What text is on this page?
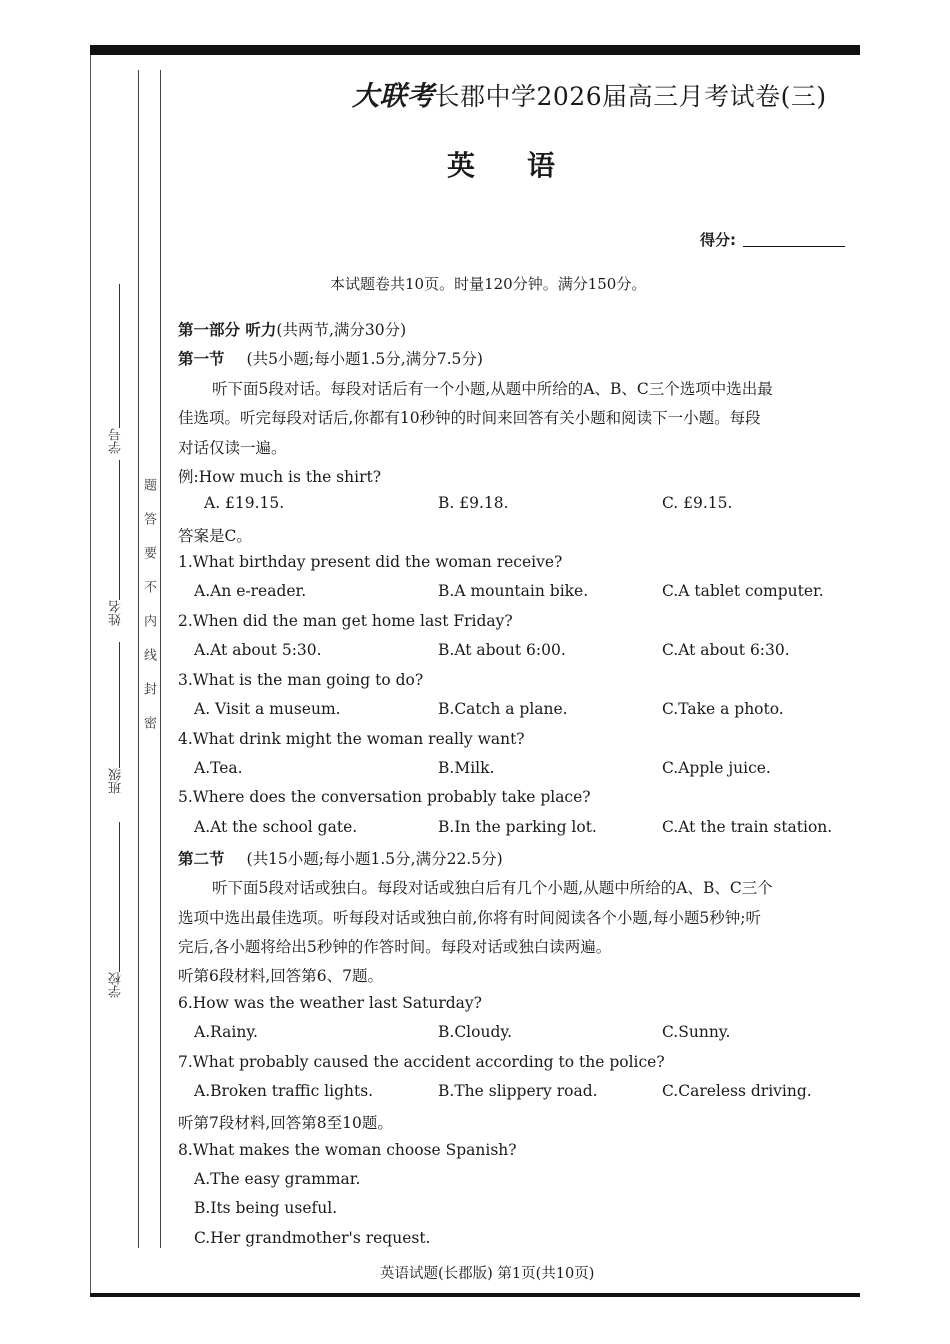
学号
姓名
班级
学校
题答要不内线封密
大联考长郡中学2026届高三月考试卷(三)
英语
得分:
本试题卷共10页。时量120分钟。满分150分。
第一部分 听力(共两节,满分30分)
第一节 (共5小题;每小题1.5分,满分7.5分)
听下面5段对话。每段对话后有一个小题,从题中所给的A、B、C三个选项中选出最
佳选项。听完每段对话后,你都有10秒钟的时间来回答有关小题和阅读下一小题。每段
对话仅读一遍。
例:How much is the shirt?
A. £19.15.	B. £9.18.	C. £9.15.
答案是C。
1.What birthday present did the woman receive?
A.An e-reader.	B.A mountain bike.	C.A tablet computer.
2.When did the man get home last Friday?
A.At about 5:30.	B.At about 6:00.	C.At about 6:30.
3.What is the man going to do?
A. Visit a museum.	B.Catch a plane.	C.Take a photo.
4.What drink might the woman really want?
A.Tea.	B.Milk.	C.Apple juice.
5.Where does the conversation probably take place?
A.At the school gate.	B.In the parking lot.	C.At the train station.
第二节 (共15小题;每小题1.5分,满分22.5分)
听下面5段对话或独白。每段对话或独白后有几个小题,从题中所给的A、B、C三个
选项中选出最佳选项。听每段对话或独白前,你将有时间阅读各个小题,每小题5秒钟;听
完后,各小题将给出5秒钟的作答时间。每段对话或独白读两遍。
听第6段材料,回答第6、7题。
6.How was the weather last Saturday?
A.Rainy.	B.Cloudy.	C.Sunny.
7.What probably caused the accident according to the police?
A.Broken traffic lights.	B.The slippery road.	C.Careless driving.
听第7段材料,回答第8至10题。
8.What makes the woman choose Spanish?
A.The easy grammar.
B.Its being useful.
C.Her grandmother's request.
英语试题(长郡版) 第1页(共10页)
